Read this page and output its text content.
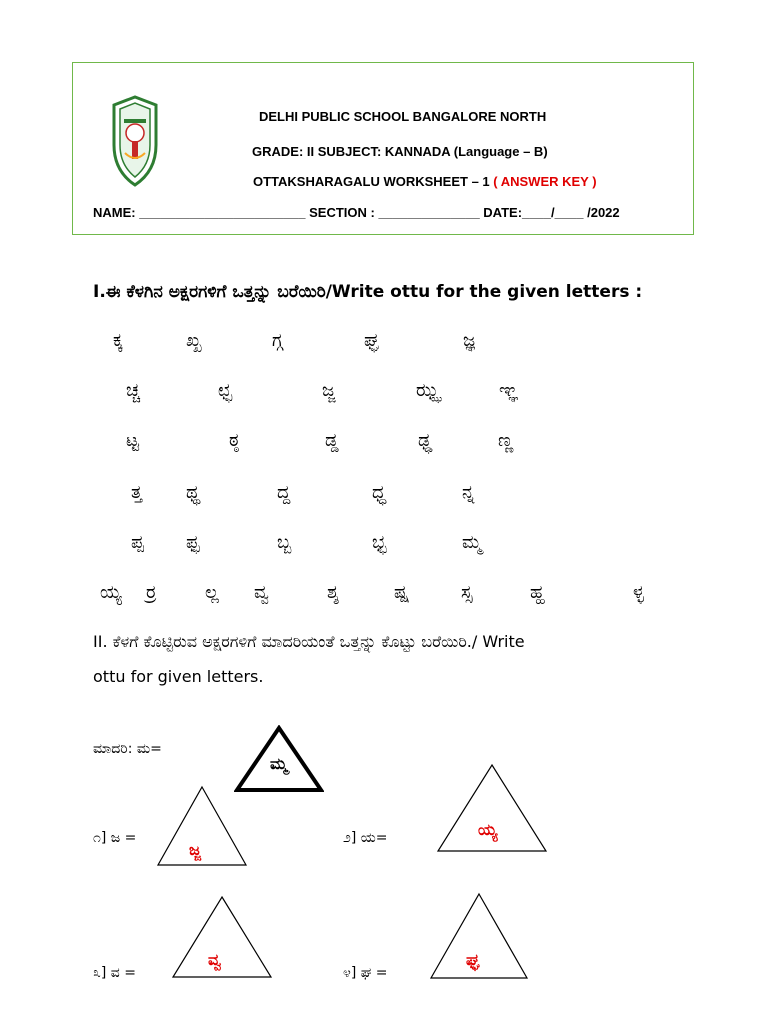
DELHI PUBLIC SCHOOL BANGALORE NORTH
GRADE: II SUBJECT: KANNADA (Language – B)
OTTAKSHARAGALU WORKSHEET – 1 ( ANSWER KEY )
NAME: _______________________ SECTION : ______________ DATE:____/____ /2022
I.ಈ ಕೆಳಗಿನ ಅಕ್ಷರಗಳಿಗೆ ಒತ್ತನ್ನು ಬರೆಯಿರಿ/Write ottu for the given letters :
ಕ್ಕ	ಖ್ಖ	ಗ್ಗ	ಘ್ಘ	ಜ್ಞ
ಚ್ಚ	ಛ್ಛ	ಜ್ಜ	ಝ್ಝ	ಞ್ಞ
ಟ್ಟ	ಠ್ಠ	ಡ್ಡ	ಢ್ಢ	ಣ್ಣ
ತ್ತ ಥ್ಥ	ದ್ದ	ಧ್ಧ	ನ್ನ
ಪ್ಪ ಫ್ಫ	ಬ್ಬ	ಭ್ಭ	ಮ್ಮ
ಯ್ಯ ರ್ರ	ಲ್ಲ ವ್ವ	ಶ್ಶ	ಷ್ಷ	ಸ್ಸ	ಹ್ಹ	ಳ್ಳ
II. ಕೆಳಗೆ ಕೊಟ್ಟಿರುವ ಅಕ್ಷರಗಳಿಗೆ ಮಾದರಿಯಂತೆ ಒತ್ತನ್ನು ಕೊಟ್ಟು ಬರೆಯಿರಿ./ Write
ottu for given letters.
ಮಾದರಿ: ಮ=
ಮ್ಮ
೧] ಜ =
ಜ್ಜ
೨] ಯ=	ಯ್ಯ
೩] ವ =
ವ್ವ
೪] ಘ =
ಘ್ಘ
